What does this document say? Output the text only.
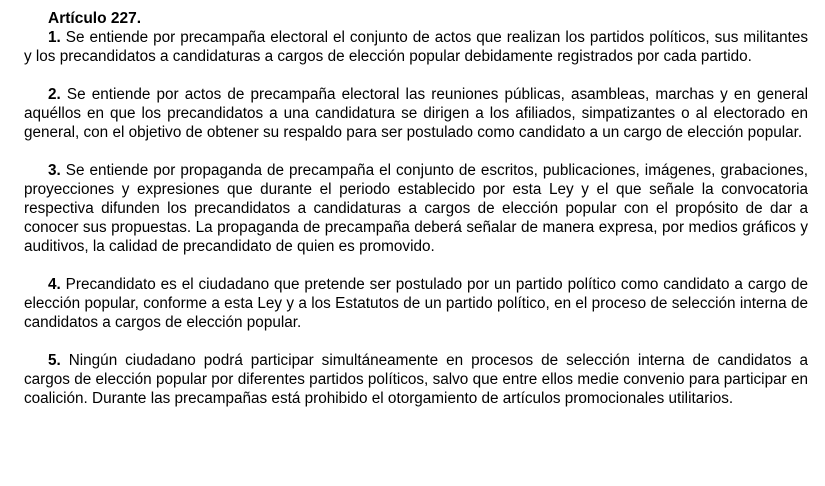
Artículo 227.

1. Se entiende por precampaña electoral el conjunto de actos que realizan los partidos políticos, sus militantes y los precandidatos a candidaturas a cargos de elección popular debidamente registrados por cada partido.

2. Se entiende por actos de precampaña electoral las reuniones públicas, asambleas, marchas y en general aquéllos en que los precandidatos a una candidatura se dirigen a los afiliados, simpatizantes o al electorado en general, con el objetivo de obtener su respaldo para ser postulado como candidato a un cargo de elección popular.

3. Se entiende por propaganda de precampaña el conjunto de escritos, publicaciones, imágenes, grabaciones, proyecciones y expresiones que durante el periodo establecido por esta Ley y el que señale la convocatoria respectiva difunden los precandidatos a candidaturas a cargos de elección popular con el propósito de dar a conocer sus propuestas. La propaganda de precampaña deberá señalar de manera expresa, por medios gráficos y auditivos, la calidad de precandidato de quien es promovido.

4. Precandidato es el ciudadano que pretende ser postulado por un partido político como candidato a cargo de elección popular, conforme a esta Ley y a los Estatutos de un partido político, en el proceso de selección interna de candidatos a cargos de elección popular.

5. Ningún ciudadano podrá participar simultáneamente en procesos de selección interna de candidatos a cargos de elección popular por diferentes partidos políticos, salvo que entre ellos medie convenio para participar en coalición. Durante las precampañas está prohibido el otorgamiento de artículos promocionales utilitarios.
